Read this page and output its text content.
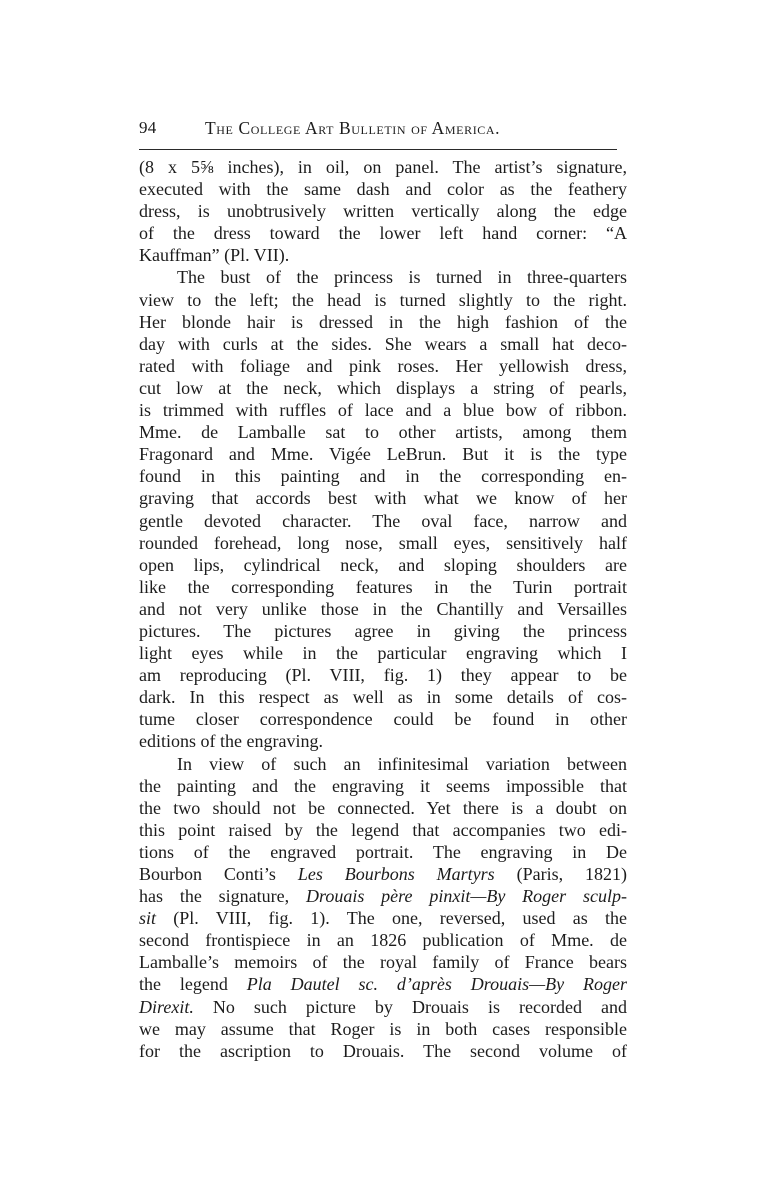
94	The College Art Bulletin of America.
(8 x 5⅝ inches), in oil, on panel. The artist’s signature,
executed with the same dash and color as the feathery
dress, is unobtrusively written vertically along the edge
of the dress toward the lower left hand corner: “A
Kauffman” (Pl. VII).
The bust of the princess is turned in three-quarters
view to the left; the head is turned slightly to the right.
Her blonde hair is dressed in the high fashion of the
day with curls at the sides. She wears a small hat deco-
rated with foliage and pink roses. Her yellowish dress,
cut low at the neck, which displays a string of pearls,
is trimmed with ruffles of lace and a blue bow of ribbon.
Mme. de Lamballe sat to other artists, among them
Fragonard and Mme. Vigée LeBrun. But it is the type
found in this painting and in the corresponding en-
graving that accords best with what we know of her
gentle devoted character. The oval face, narrow and
rounded forehead, long nose, small eyes, sensitively half
open lips, cylindrical neck, and sloping shoulders are
like the corresponding features in the Turin portrait
and not very unlike those in the Chantilly and Versailles
pictures. The pictures agree in giving the princess
light eyes while in the particular engraving which I
am reproducing (Pl. VIII, fig. 1) they appear to be
dark. In this respect as well as in some details of cos-
tume closer correspondence could be found in other
editions of the engraving.
In view of such an infinitesimal variation between
the painting and the engraving it seems impossible that
the two should not be connected. Yet there is a doubt on
this point raised by the legend that accompanies two edi-
tions of the engraved portrait. The engraving in De
Bourbon Conti’s Les Bourbons Martyrs (Paris, 1821)
has the signature, Drouais père pinxit—By Roger sculp-
sit (Pl. VIII, fig. 1). The one, reversed, used as the
second frontispiece in an 1826 publication of Mme. de
Lamballe’s memoirs of the royal family of France bears
the legend Pla Dautel sc. d’après Drouais—By Roger
Direxit. No such picture by Drouais is recorded and
we may assume that Roger is in both cases responsible
for the ascription to Drouais. The second volume of
